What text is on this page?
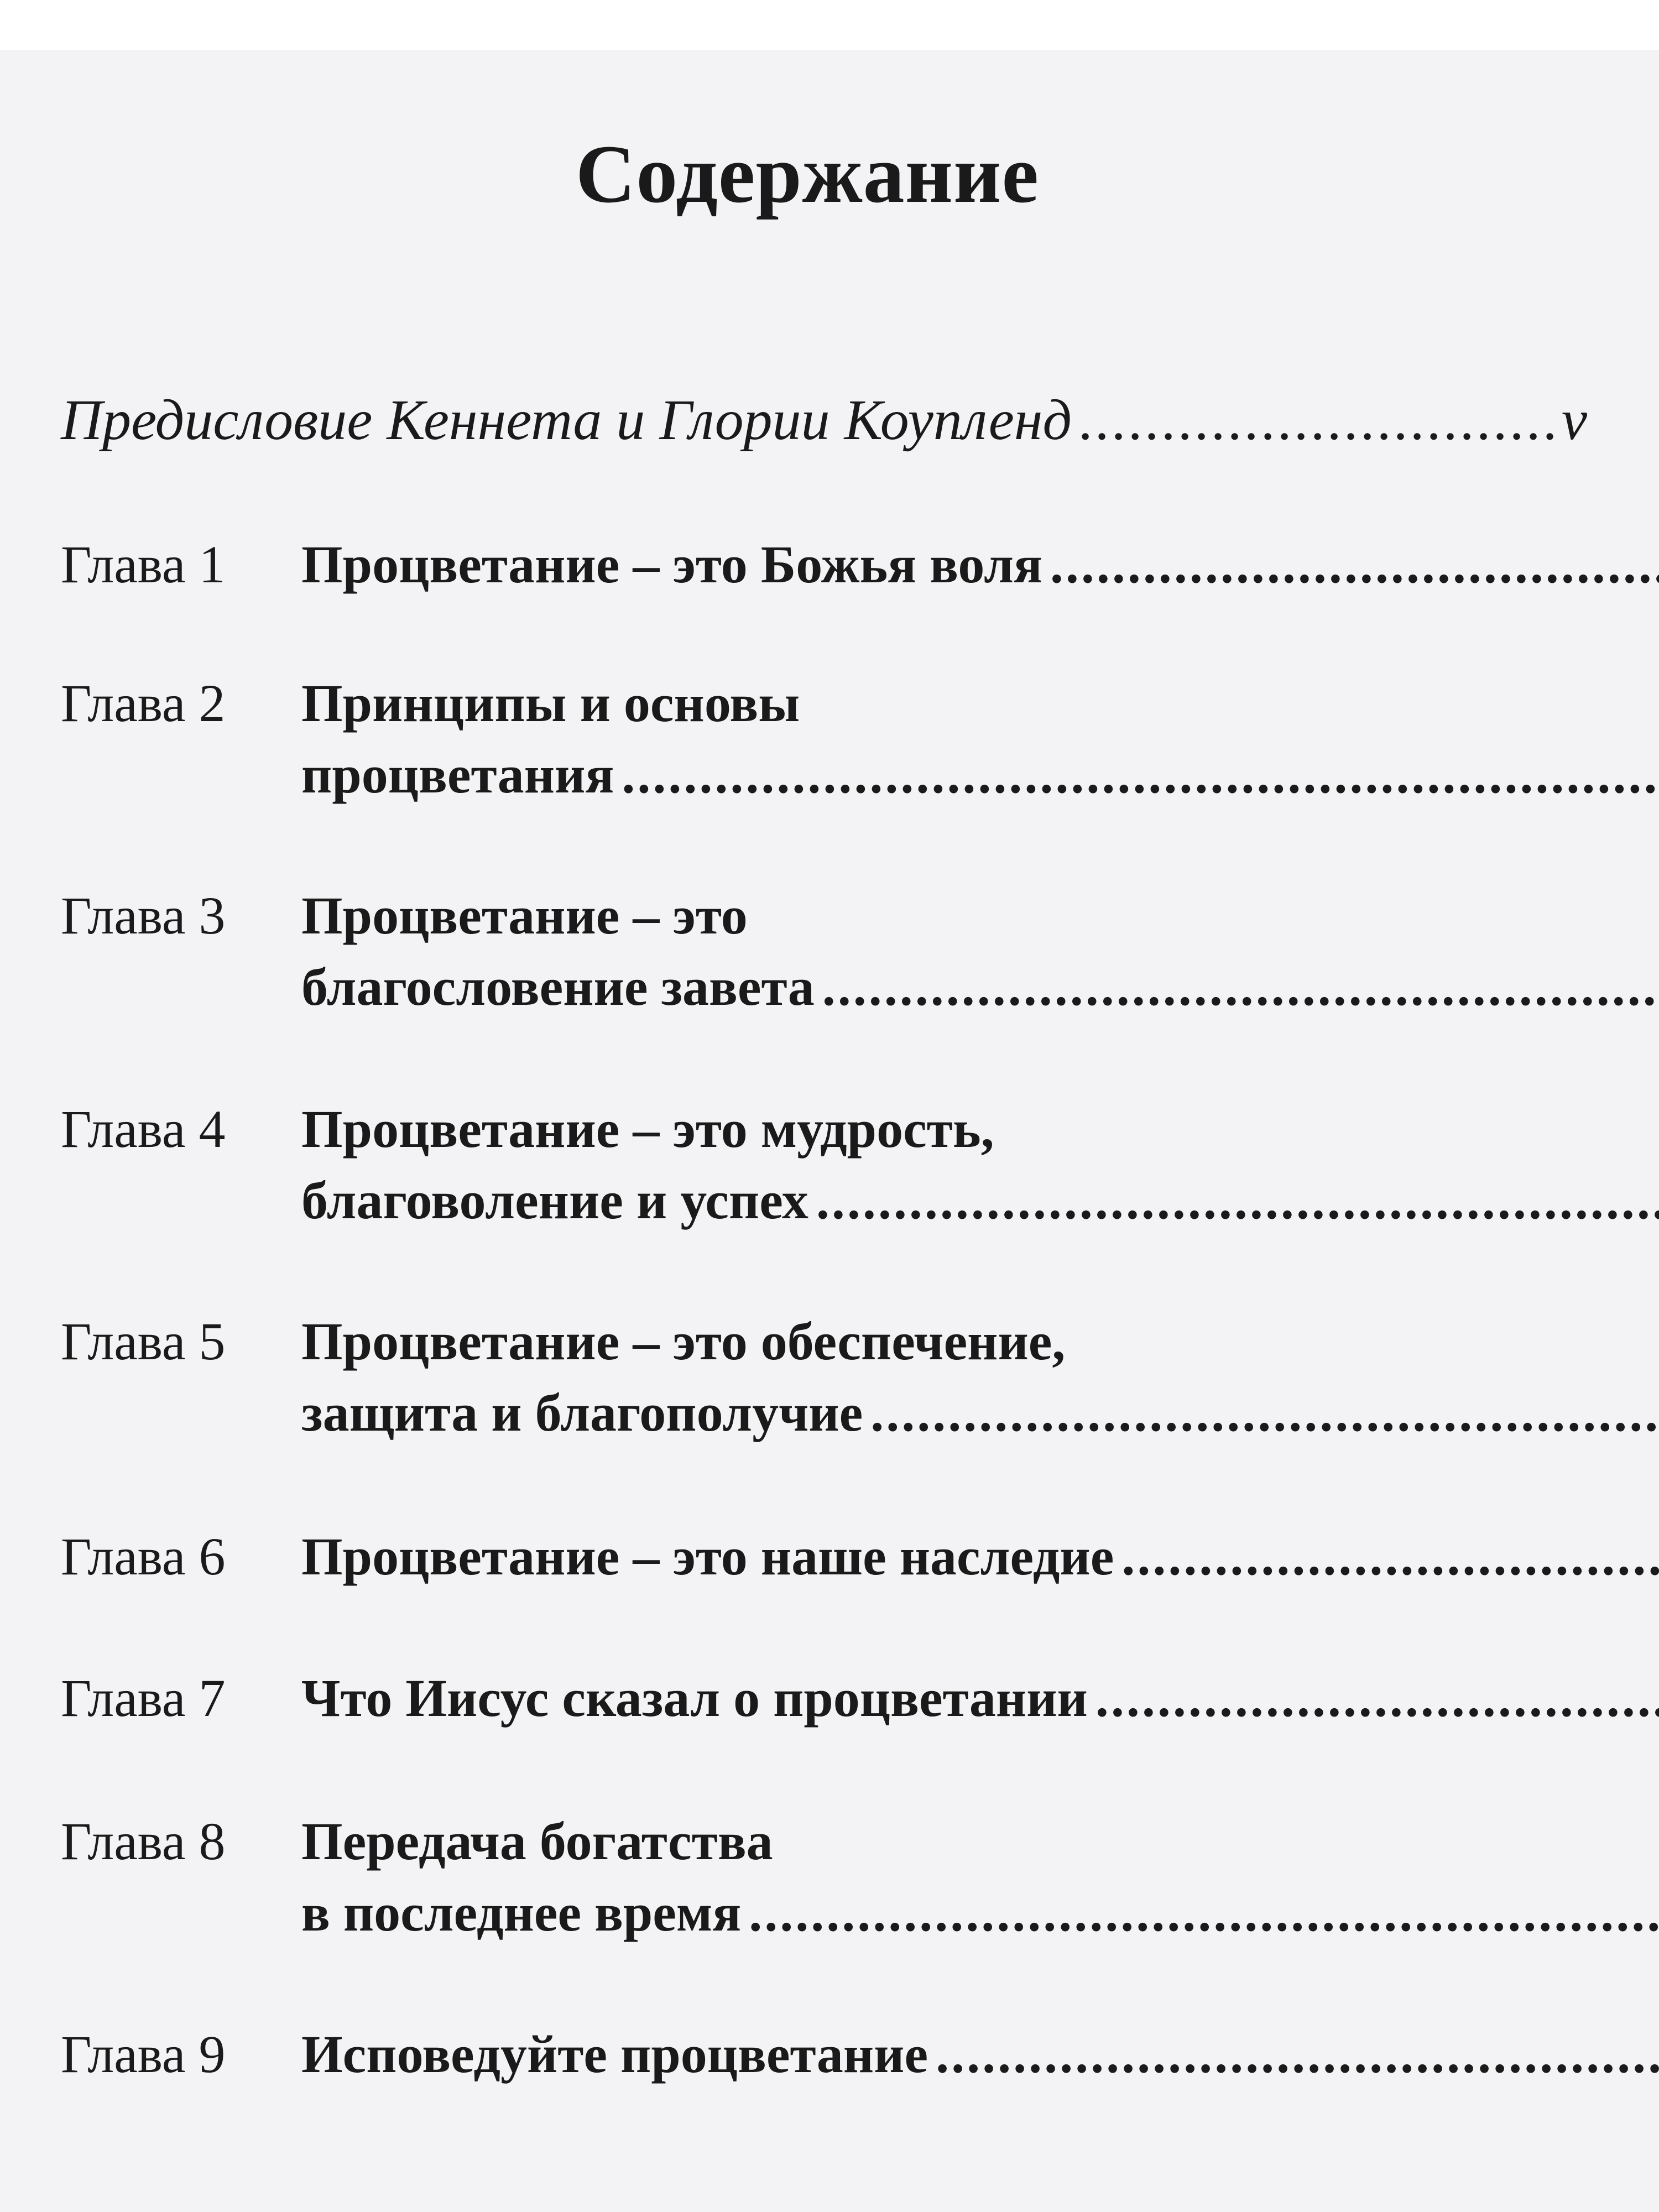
Содержание
Предисловие Кеннета и Глории Коупленд
.....	v
Глава 1	Процветание – это Божья воля
.....
Глава 2	Принципы и основы
процветания
.....
Глава 3	Процветание – это
благословение завета
.....
Глава 4	Процветание – это мудрость,
благоволение и успех
.....
Глава 5	Процветание – это обеспечение,
защита и благополучие
.....
Глава 6	Процветание – это наше наследие
.....
Глава 7	Что Иисус сказал о процветании
.....
Глава 8	Передача богатства
в последнее время
.....
Глава 9	Исповедуйте процветание
.....
